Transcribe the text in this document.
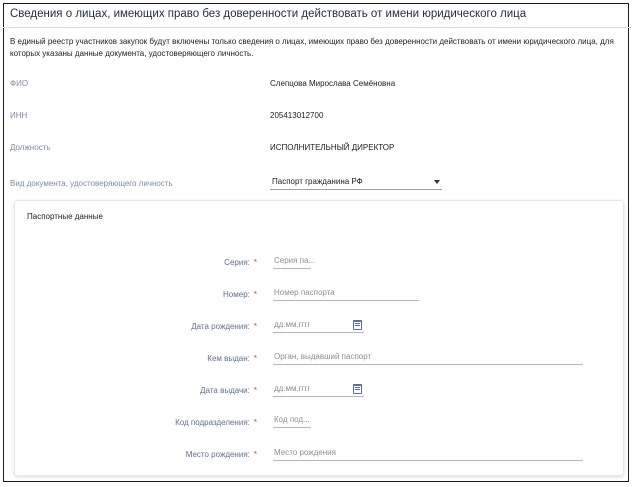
Сведения о лицах, имеющих право без доверенности действовать от имени юридического лица
В единый реестр участников закупок будут включены только сведения о лицах, имеющих право без доверенности действовать от имени юридического лица, для которых указаны данные документа, удостоверяющего личность.
ФИО	Слепцова Мирослава Семёновна
ИНН	205413012700
Должность	ИСПОЛНИТЕЛЬНЫЙ ДИРЕКТОР
Вид документа, удостоверяющего личность	Паспорт гражданина РФ
Паспортные данные
Серия: * Серия па...
Номер: * Номер паспорта
Дата рождения: * дд.мм.гггг
Кем выдан: * Орган, выдавший паспорт
Дата выдачи: * дд.мм.гггг
Код подразделения: * Код под...
Место рождения: * Место рождения
